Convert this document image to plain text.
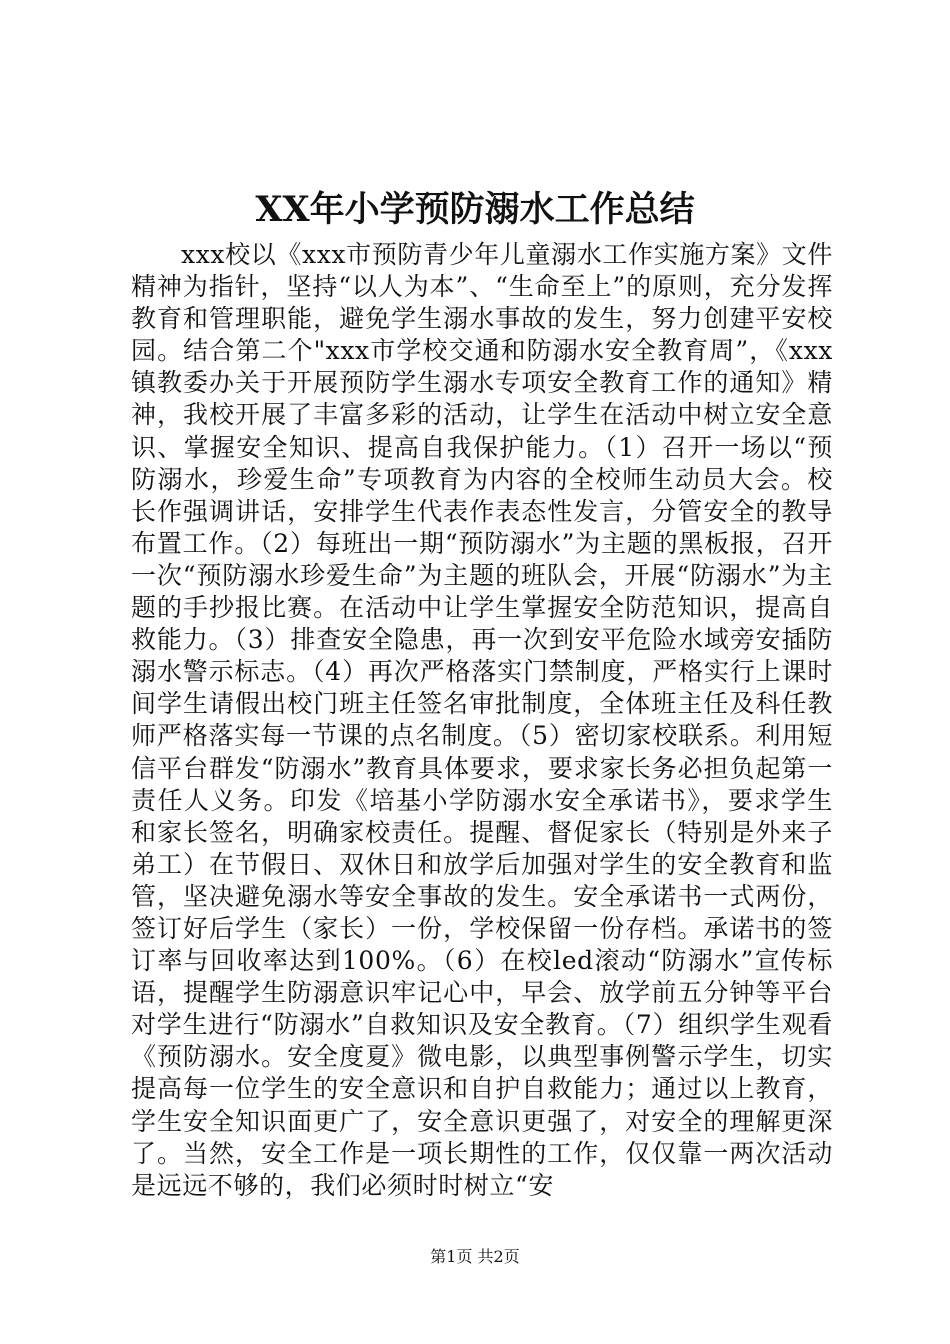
XX年小学预防溺水工作总结

xxx校以《xxx市预防青少年儿童溺水工作实施方案》文件精神为指针，坚持“以人为本”、“生命至上”的原则，充分发挥教育和管理职能，避免学生溺水事故的发生，努力创建平安校园。结合第二个"xxx市学校交通和防溺水安全教育周”，《xxx镇教委办关于开展预防学生溺水专项安全教育工作的通知》精神，我校开展了丰富多彩的活动，让学生在活动中树立安全意识、掌握安全知识、提高自我保护能力。（1）召开一场以“预防溺水，珍爱生命”专项教育为内容的全校师生动员大会。校长作强调讲话，安排学生代表作表态性发言，分管安全的教导布置工作。（2）每班出一期“预防溺水”为主题的黑板报，召开一次“预防溺水珍爱生命”为主题的班队会，开展“防溺水”为主题的手抄报比赛。在活动中让学生掌握安全防范知识，提高自救能力。（3）排查安全隐患，再一次到安平危险水域旁安插防溺水警示标志。（4）再次严格落实门禁制度，严格实行上课时间学生请假出校门班主任签名审批制度，全体班主任及科任教师严格落实每一节课的点名制度。（5）密切家校联系。利用短信平台群发“防溺水”教育具体要求，要求家长务必担负起第一责任人义务。印发《培基小学防溺水安全承诺书》，要求学生和家长签名，明确家校责任。提醒、督促家长（特别是外来子弟工）在节假日、双休日和放学后加强对学生的安全教育和监管，坚决避免溺水等安全事故的发生。安全承诺书一式两份，签订好后学生（家长）一份，学校保留一份存档。承诺书的签订率与回收率达到100%。（6）在校led滚动“防溺水”宣传标语，提醒学生防溺意识牢记心中，早会、放学前五分钟等平台对学生进行“防溺水”自救知识及安全教育。（7）组织学生观看《预防溺水。安全度夏》微电影，以典型事例警示学生，切实提高每一位学生的安全意识和自护自救能力；通过以上教育，学生安全知识面更广了，安全意识更强了，对安全的理解更深了。当然，安全工作是一项长期性的工作，仅仅靠一两次活动是远远不够的，我们必须时时树立“安

第1页 共2页
